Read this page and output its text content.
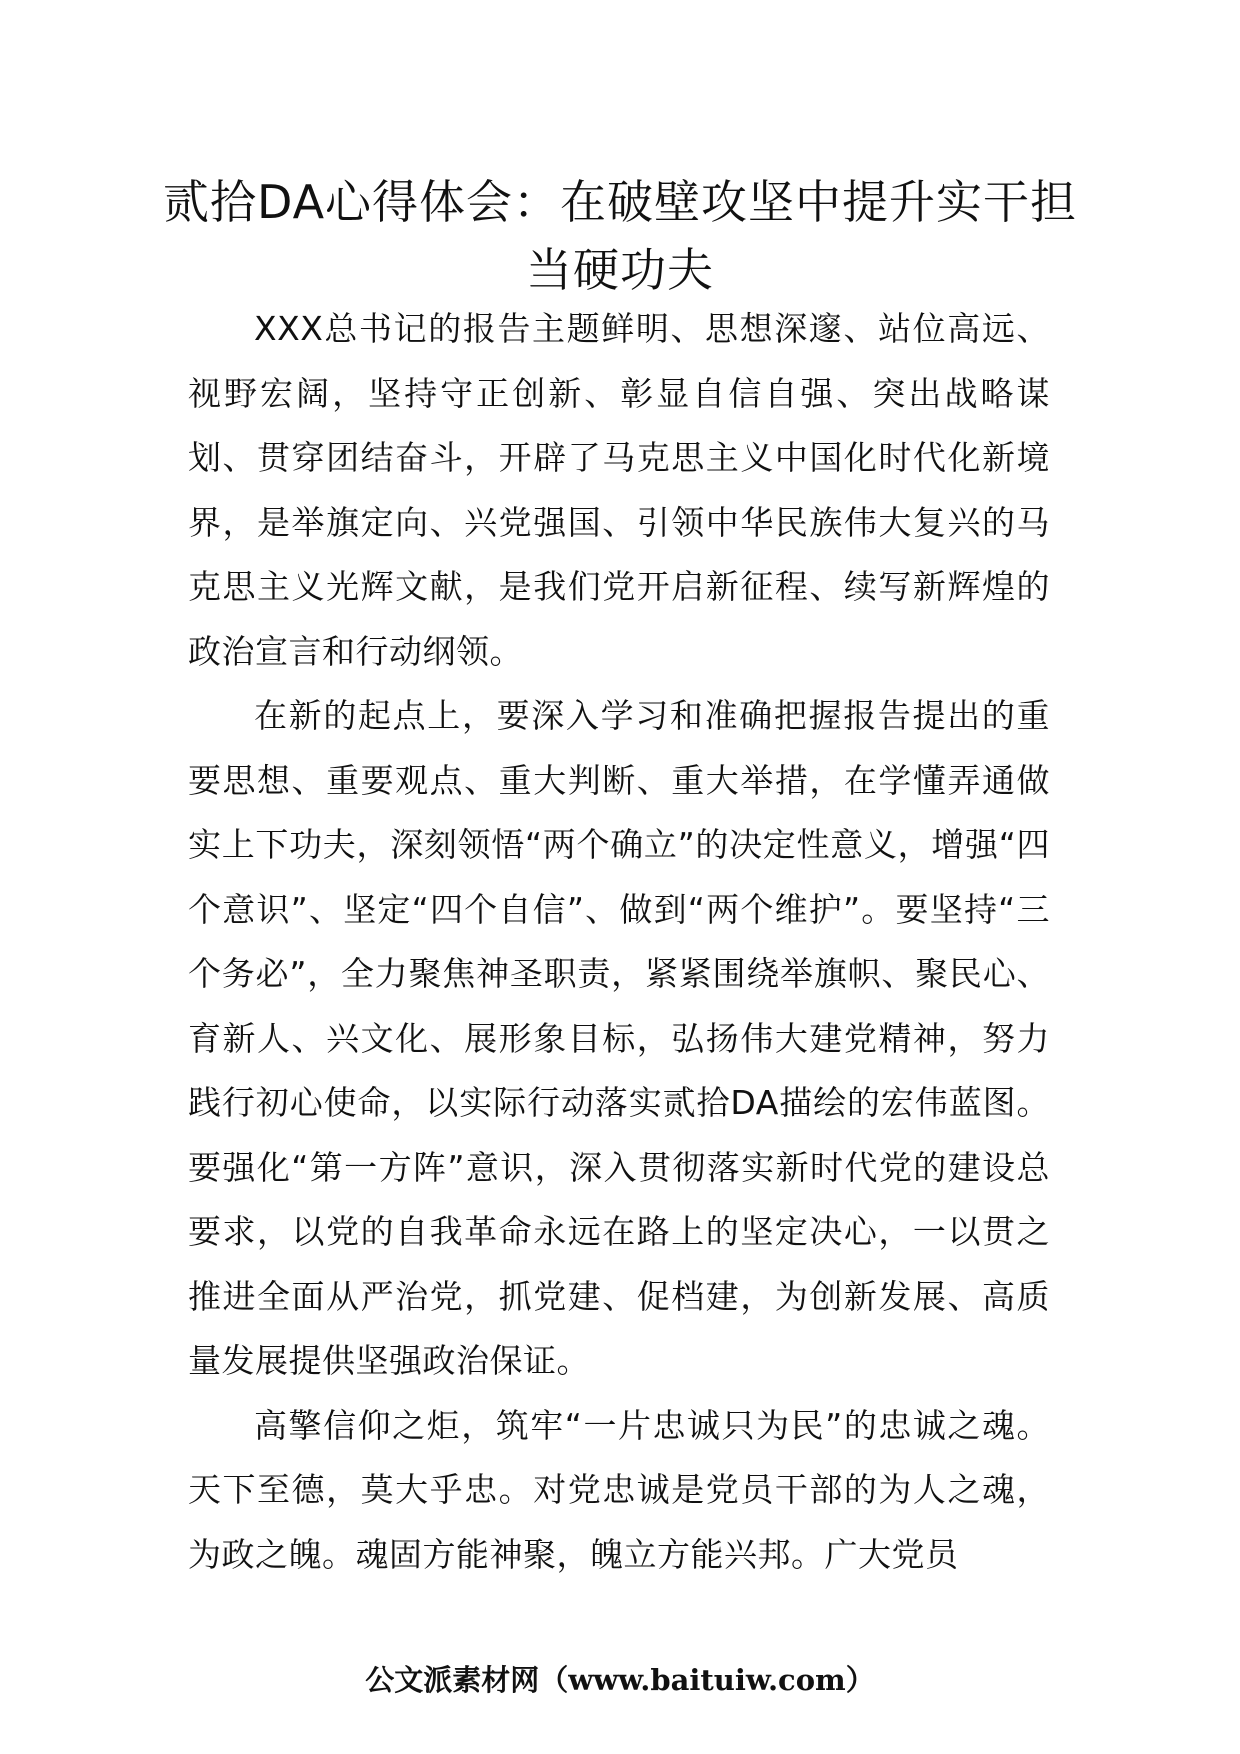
贰拾DA心得体会：在破壁攻坚中提升实干担当硬功夫

XXX总书记的报告主题鲜明、思想深邃、站位高远、视野宏阔，坚持守正创新、彰显自信自强、突出战略谋划、贯穿团结奋斗，开辟了马克思主义中国化时代化新境界，是举旗定向、兴党强国、引领中华民族伟大复兴的马克思主义光辉文献，是我们党开启新征程、续写新辉煌的政治宣言和行动纲领。

在新的起点上，要深入学习和准确把握报告提出的重要思想、重要观点、重大判断、重大举措，在学懂弄通做实上下功夫，深刻领悟“两个确立”的决定性意义，增强“四个意识”、坚定“四个自信”、做到“两个维护”。要坚持“三个务必”，全力聚焦神圣职责，紧紧围绕举旗帜、聚民心、育新人、兴文化、展形象目标，弘扬伟大建党精神，努力践行初心使命，以实际行动落实贰拾DA描绘的宏伟蓝图。要强化“第一方阵”意识，深入贯彻落实新时代党的建设总要求，以党的自我革命永远在路上的坚定决心，一以贯之推进全面从严治党，抓党建、促档建，为创新发展、高质量发展提供坚强政治保证。

高擎信仰之炬，筑牢“一片忠诚只为民”的忠诚之魂。天下至德，莫大乎忠。对党忠诚是党员干部的为人之魂，为政之魄。魂固方能神聚，魄立方能兴邦。广大党员

公文派素材网（www.baituiw.com）
